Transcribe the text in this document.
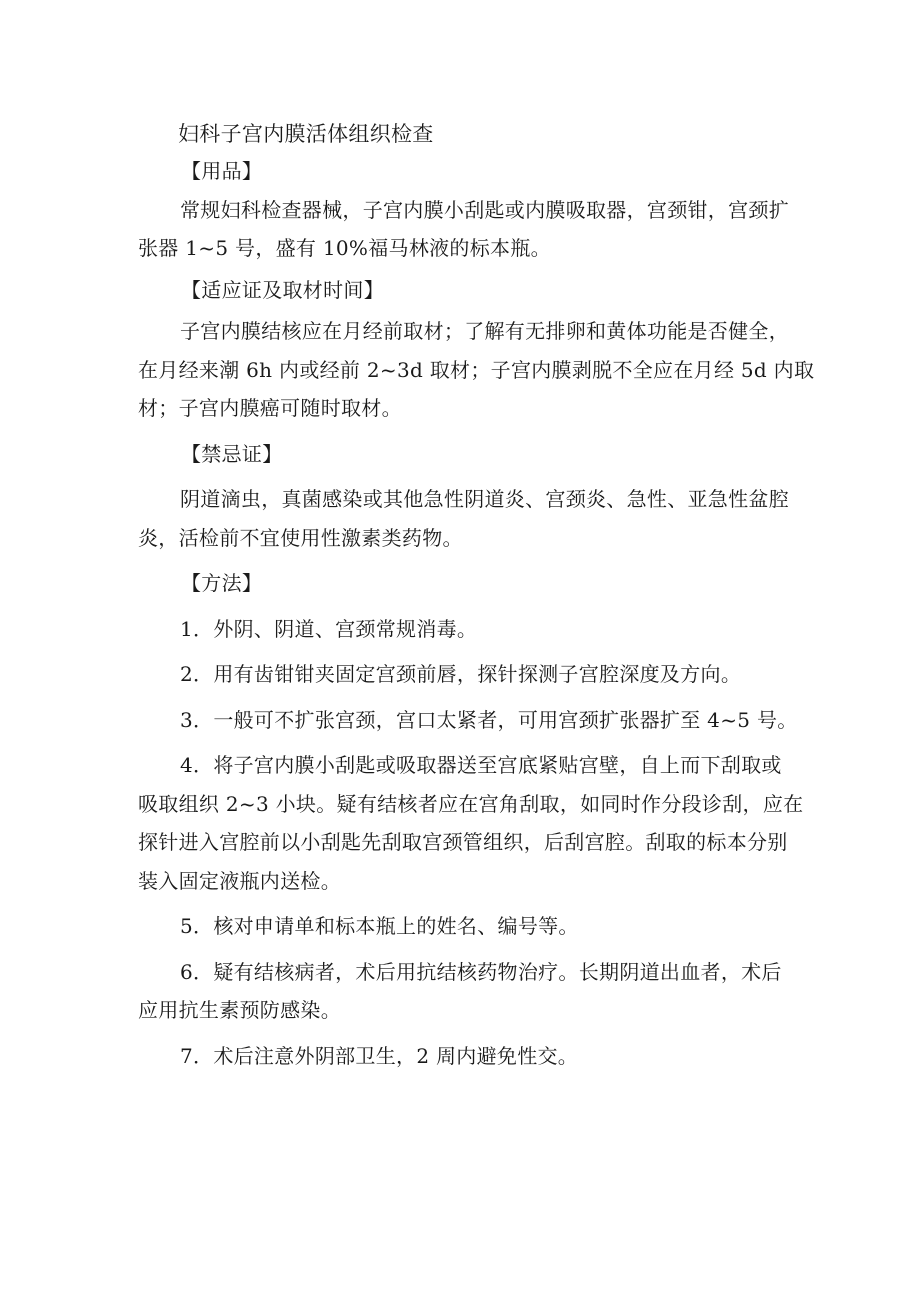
妇科子宫内膜活体组织检查
【用品】
常规妇科检查器械，子宫内膜小刮匙或内膜吸取器，宫颈钳，宫颈扩
张器 1~5 号，盛有 10%福马林液的标本瓶。
【适应证及取材时间】
子宫内膜结核应在月经前取材；了解有无排卵和黄体功能是否健全，
在月经来潮 6h 内或经前 2~3d 取材；子宫内膜剥脱不全应在月经 5d 内取
材；子宫内膜癌可随时取材。
【禁忌证】
阴道滴虫，真菌感染或其他急性阴道炎、宫颈炎、急性、亚急性盆腔
炎，活检前不宜使用性激素类药物。
【方法】
1．外阴、阴道、宫颈常规消毒。
2．用有齿钳钳夹固定宫颈前唇，探针探测子宫腔深度及方向。
3．一般可不扩张宫颈，宫口太紧者，可用宫颈扩张器扩至 4~5 号。
4．将子宫内膜小刮匙或吸取器送至宫底紧贴宫壁，自上而下刮取或
吸取组织 2~3 小块。疑有结核者应在宫角刮取，如同时作分段诊刮，应在
探针进入宫腔前以小刮匙先刮取宫颈管组织，后刮宫腔。刮取的标本分别
装入固定液瓶内送检。
5．核对申请单和标本瓶上的姓名、编号等。
6．疑有结核病者，术后用抗结核药物治疗。长期阴道出血者，术后
应用抗生素预防感染。
7．术后注意外阴部卫生，2 周内避免性交。
